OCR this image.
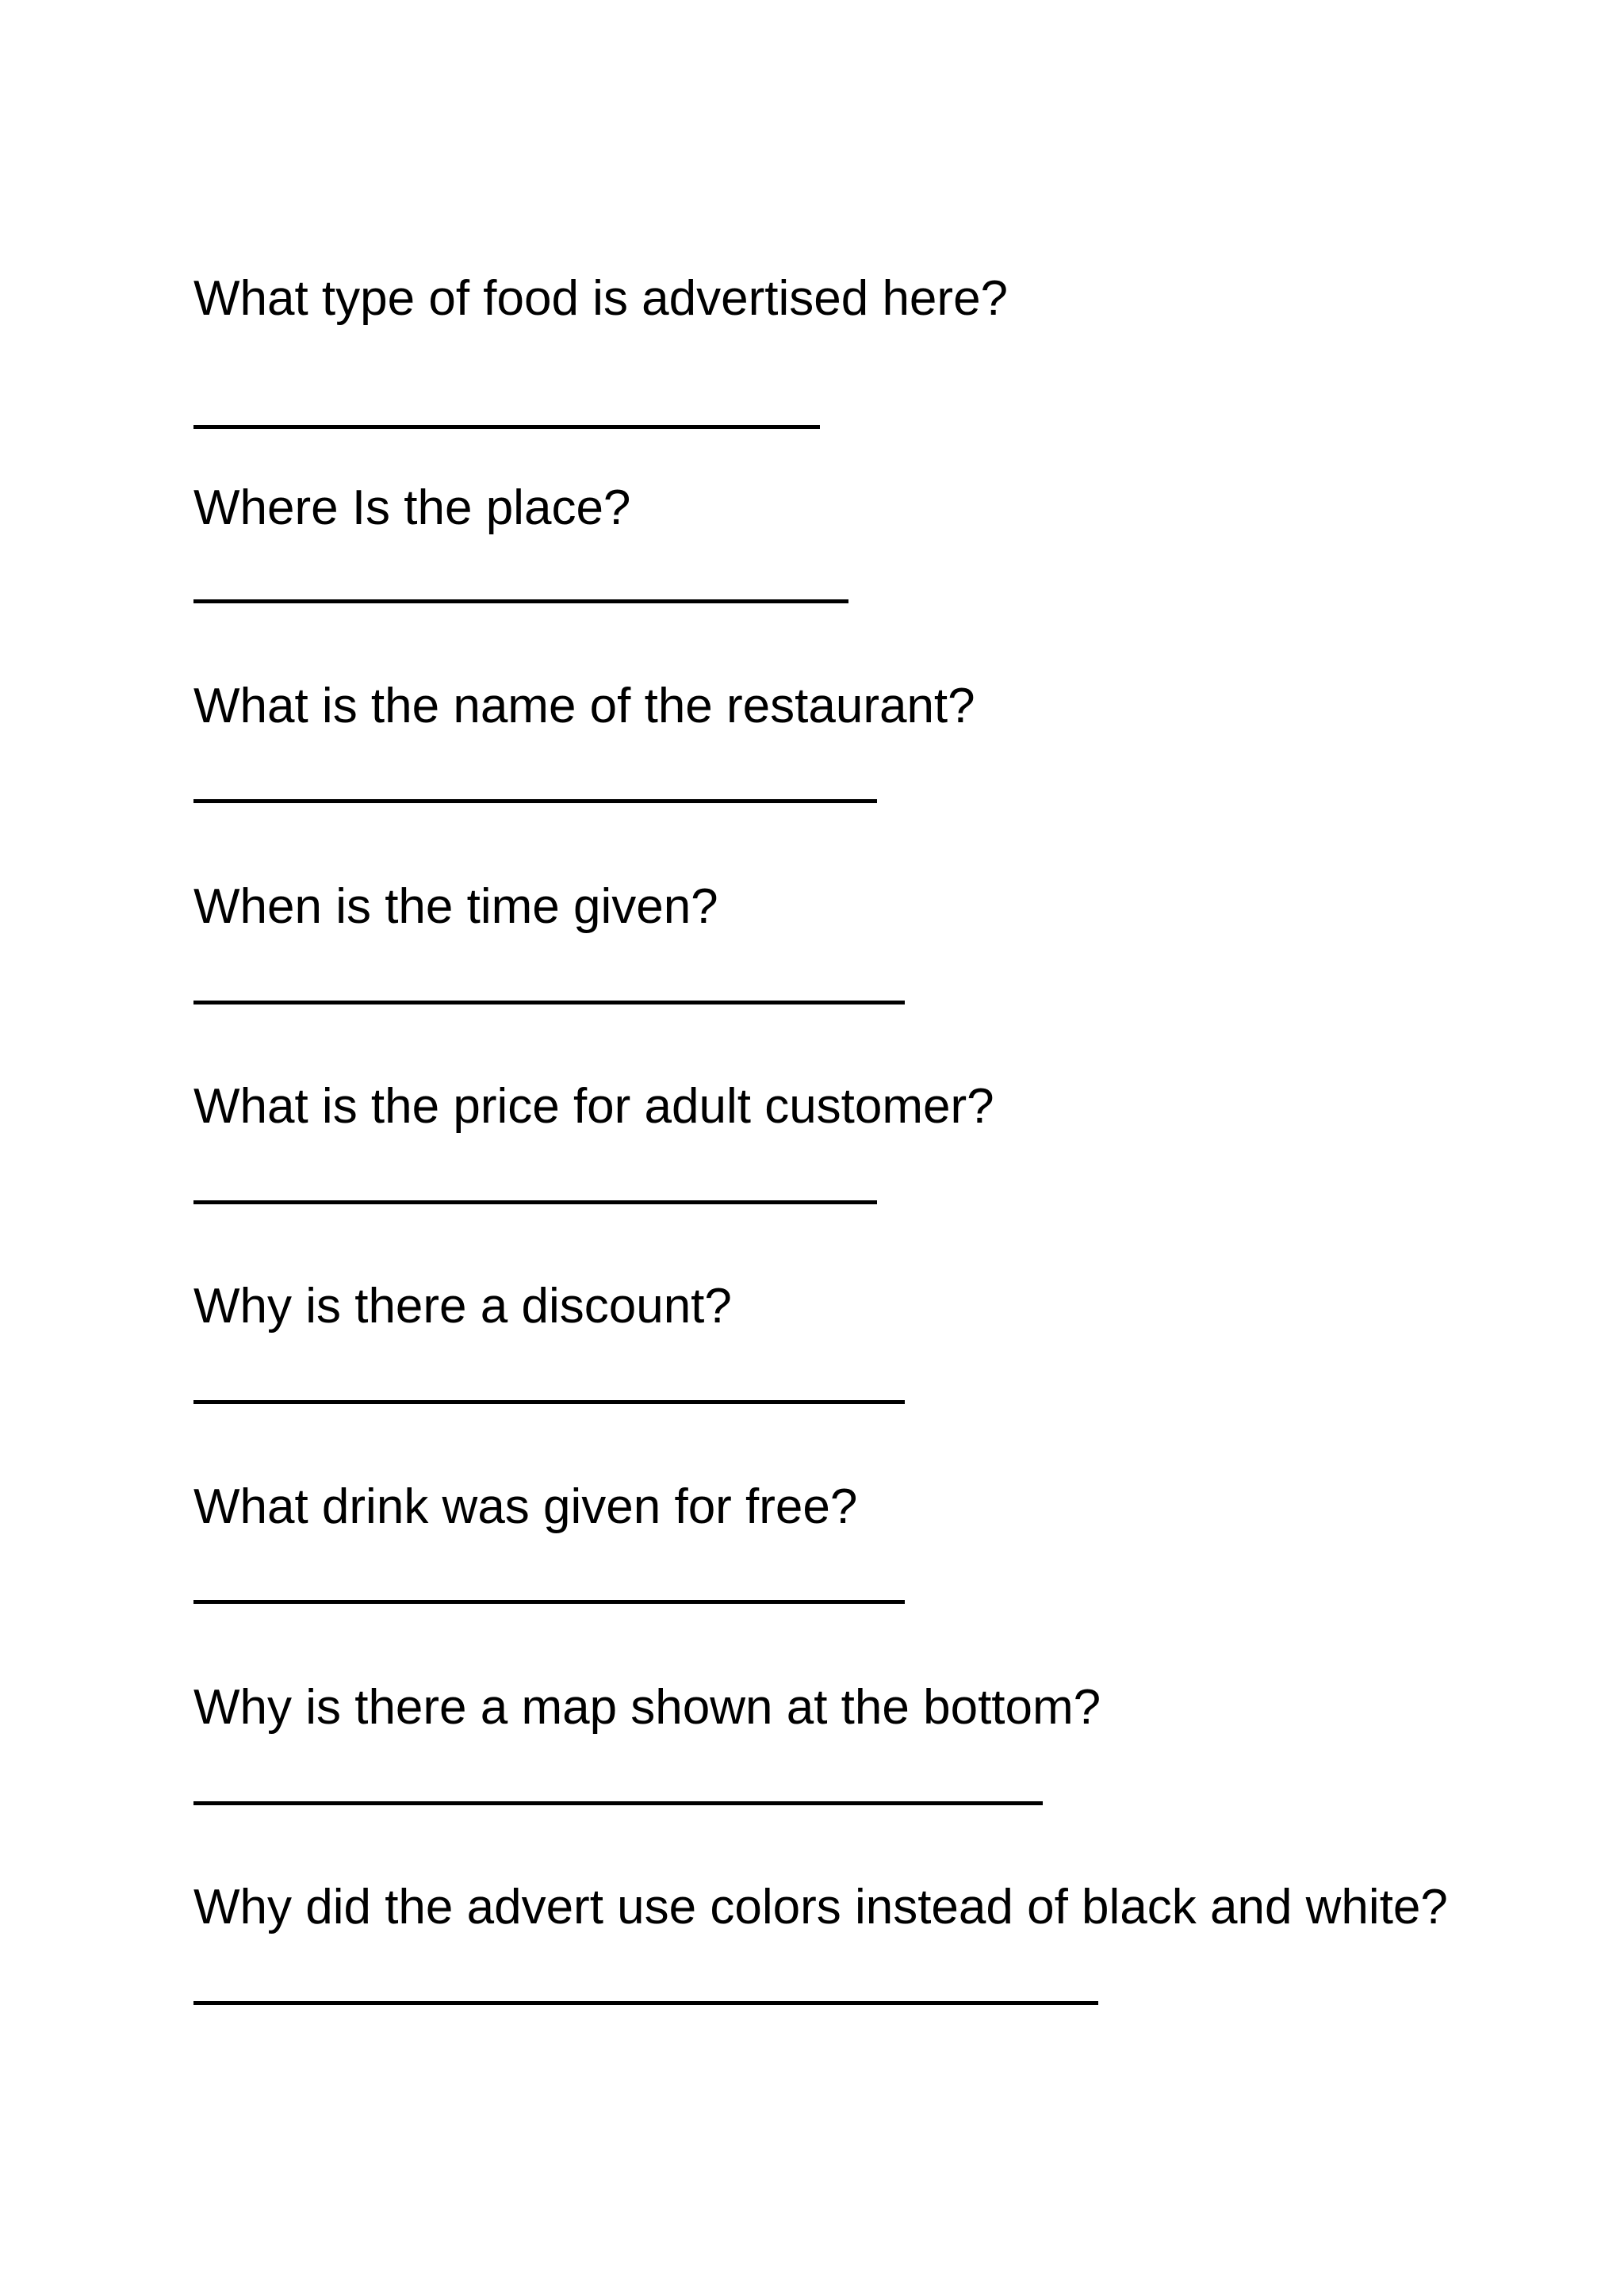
What type of food is advertised here?

Where Is the place?

What is the name of the restaurant?

When is the time given?

What is the price for adult customer?

Why is there a discount?

What drink was given for free?

Why is there a map shown at the bottom?

Why did the advert use colors instead of black and white?
